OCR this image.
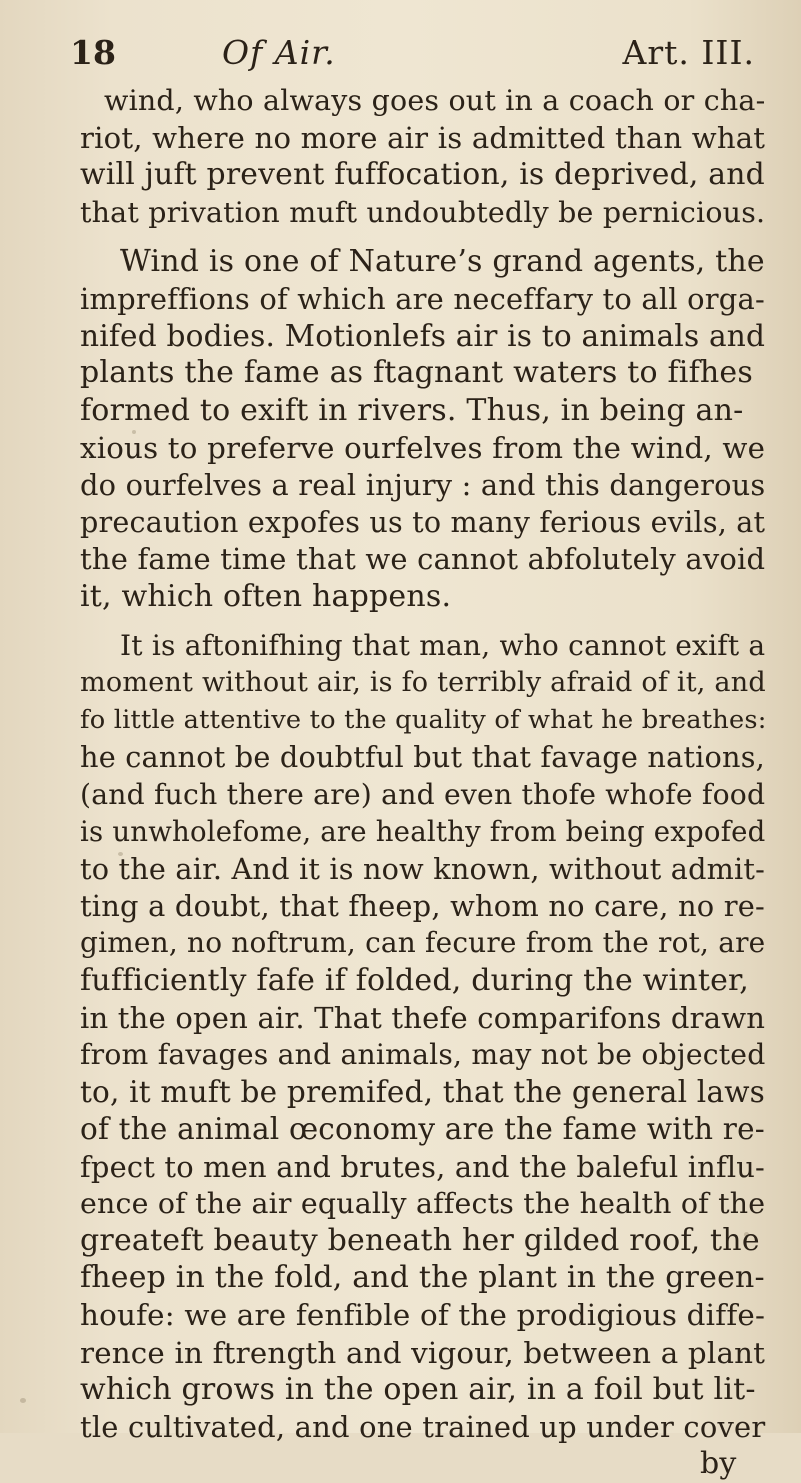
18	Of Air.	Art. III.
wind, who always goes out in a coach or cha-
riot, where no more air is admitted than what
will juft prevent fuffocation, is deprived, and
that privation muft undoubtedly be pernicious.
Wind is one of Nature’s grand agents, the
impreffions of which are neceffary to all orga-
nifed bodies. Motionlefs air is to animals and
plants the fame as ftagnant waters to fifhes
formed to exift in rivers. Thus, in being an-
xious to preferve ourfelves from the wind, we
do ourfelves a real injury : and this dangerous
precaution expofes us to many ferious evils, at
the fame time that we cannot abfolutely avoid
it, which often happens.
It is aftonifhing that man, who cannot exift a
moment without air, is fo terribly afraid of it, and
fo little attentive to the quality of what he breathes:
he cannot be doubtful but that favage nations,
(and fuch there are) and even thofe whofe food
is unwholefome, are healthy from being expofed
to the air. And it is now known, without admit-
ting a doubt, that fheep, whom no care, no re-
gimen, no noftrum, can fecure from the rot, are
fufficiently fafe if folded, during the winter,
in the open air. That thefe comparifons drawn
from favages and animals, may not be objected
to, it muft be premifed, that the general laws
of the animal œconomy are the fame with re-
fpect to men and brutes, and the baleful influ-
ence of the air equally affects the health of the
greateft beauty beneath her gilded roof, the
fheep in the fold, and the plant in the green-
houfe: we are fenfible of the prodigious diffe-
rence in ftrength and vigour, between a plant
which grows in the open air, in a foil but lit-
tle cultivated, and one trained up under cover
by
